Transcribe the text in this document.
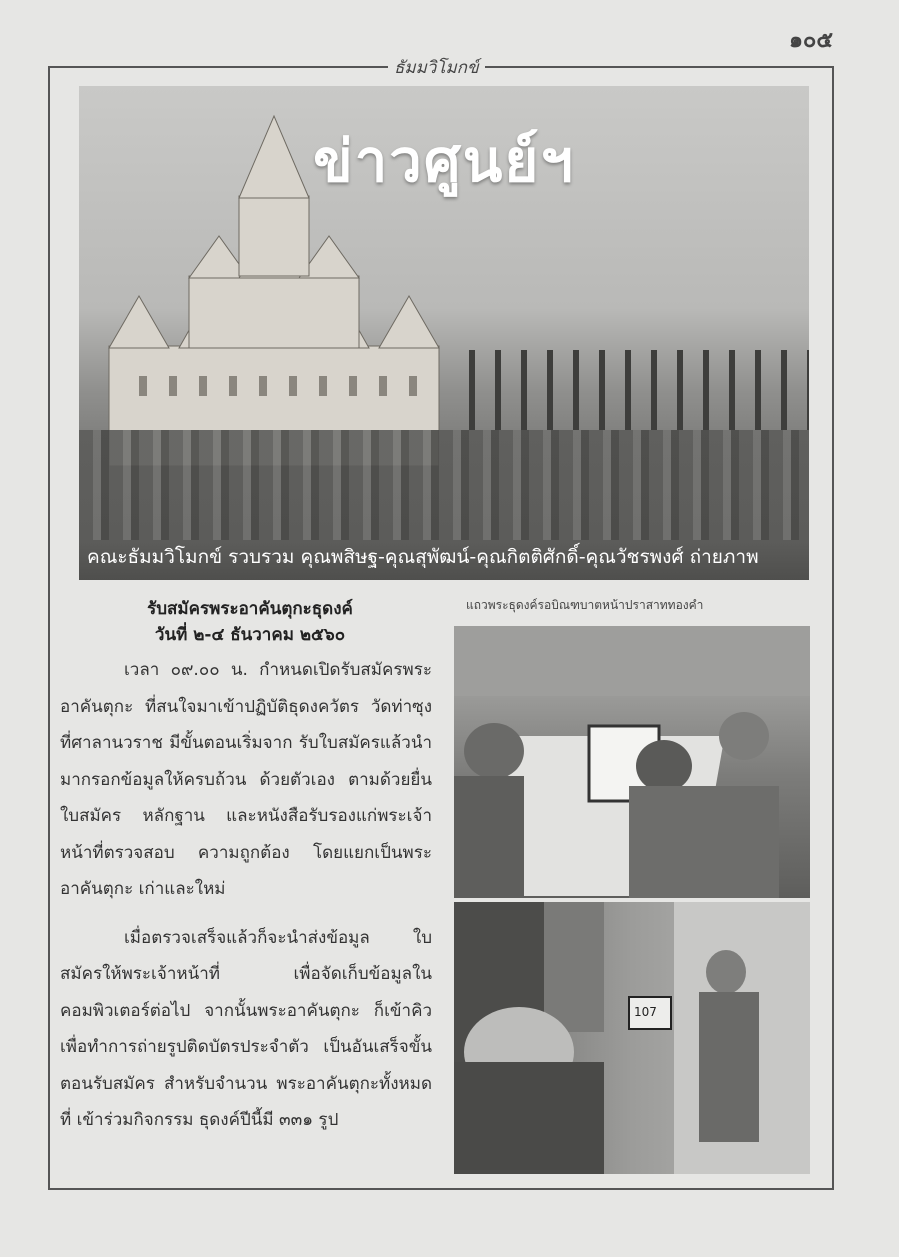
๑๐๕
ธัมมวิโมกข์
ข่าวศูนย์ฯ
คณะธัมมวิโมกข์ รวบรวม คุณพสิษฐ-คุณสุพัฒน์-คุณกิตติศักดิ์-คุณวัชรพงศ์ ถ่ายภาพ
แถวพระธุดงค์รอบิณฑบาตหน้าปราสาททองคำ
107
รับสมัครพระอาคันตุกะธุดงค์
วันที่ ๒-๔ ธันวาคม ๒๕๖๐

เวลา ๐๙.๐๐ น. กำหนดเปิดรับสมัครพระอาคันตุกะ ที่สนใจมาเข้าปฏิบัติธุดงควัตร วัดท่าซุง ที่ศาลานวราช มีขั้นตอนเริ่มจาก รับใบสมัครแล้วนำมากรอกข้อมูลให้ครบถ้วน ด้วยตัวเอง ตามด้วยยื่นใบสมัคร หลักฐาน และหนังสือรับรองแก่พระเจ้าหน้าที่ตรวจสอบ ความถูกต้อง โดยแยกเป็นพระอาคันตุกะ เก่าและใหม่

เมื่อตรวจเสร็จแล้วก็จะนำส่งข้อมูล ใบสมัครให้พระเจ้าหน้าที่ เพื่อจัดเก็บข้อมูลใน คอมพิวเตอร์ต่อไป จากนั้นพระอาคันตุกะ ก็เข้าคิว เพื่อทำการถ่ายรูปติดบัตรประจำตัว เป็นอันเสร็จขั้นตอนรับสมัคร สำหรับจำนวน พระอาคันตุกะทั้งหมดที่ เข้าร่วมกิจกรรม ธุดงค์ปีนี้มี ๓๓๑ รูป
